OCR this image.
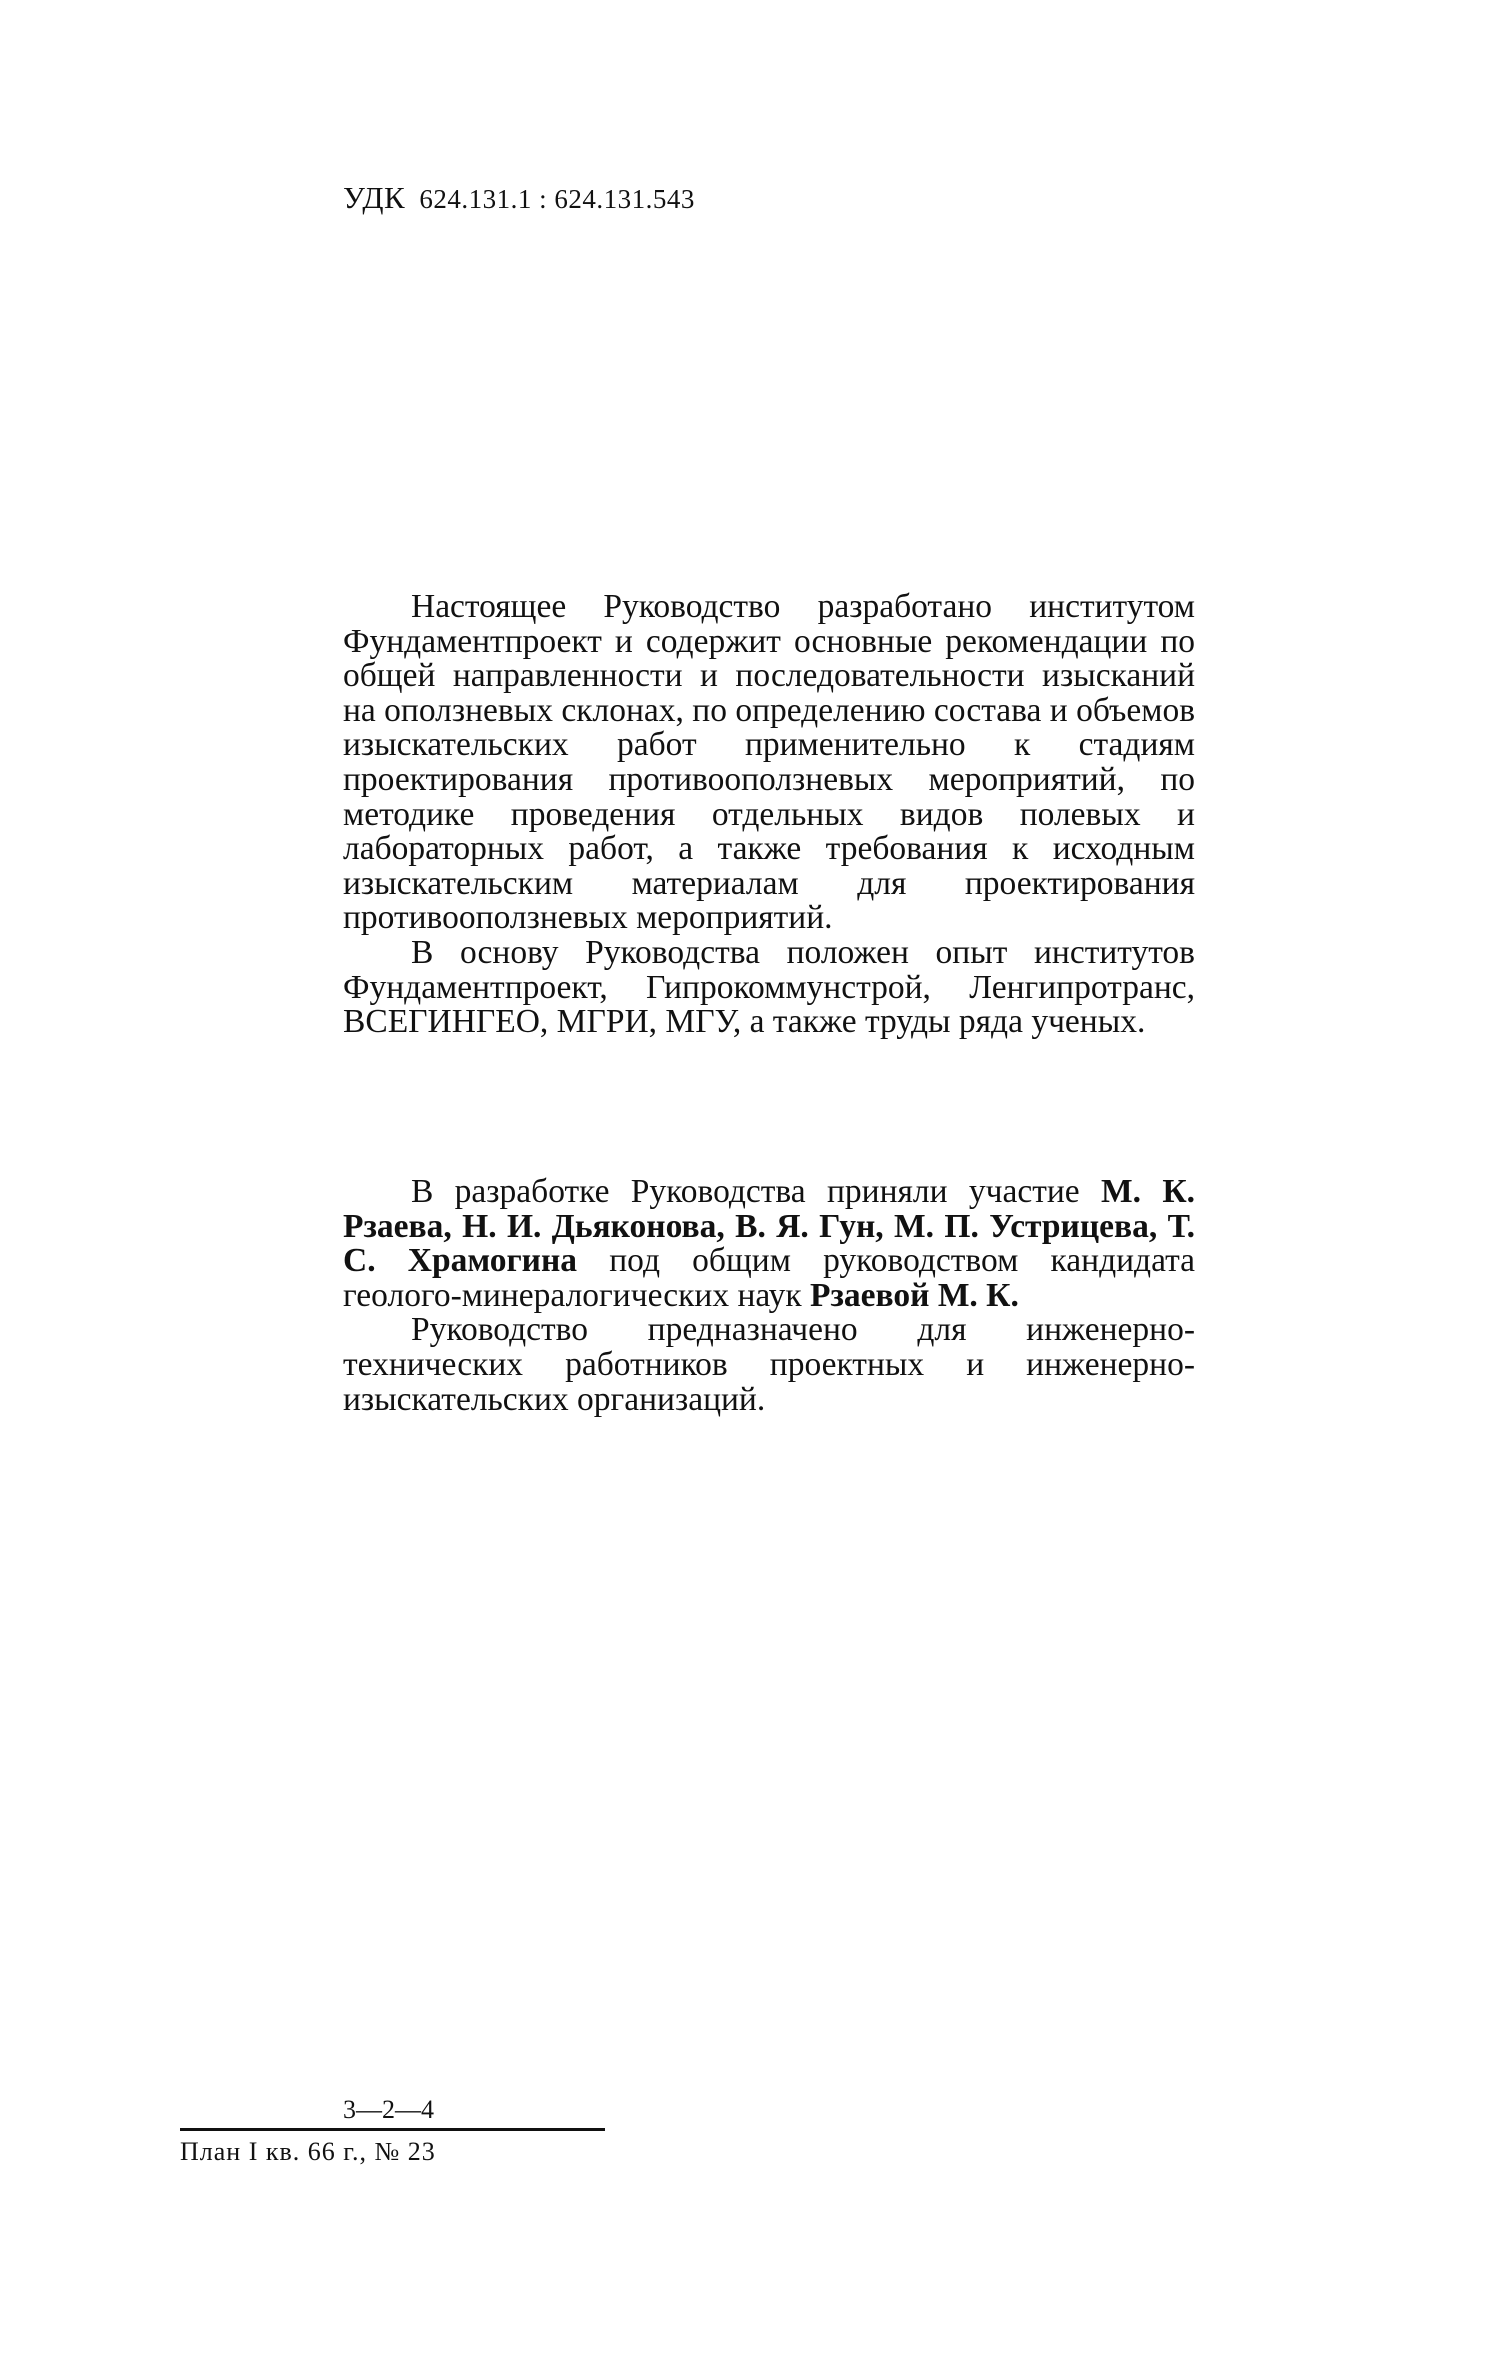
УДК 624.131.1 : 624.131.543

Настоящее Руководство разработано институтом Фундаментпроект и содержит основные рекомендации по общей направленности и последовательности изысканий на оползневых склонах, по определению состава и объемов изыскательских работ применительно к стадиям проектирования противооползневых мероприятий, по методике проведения отдельных видов полевых и лабораторных работ, а также требования к исходным изыскательским материалам для проектирования противооползневых мероприятий.

В основу Руководства положен опыт институтов Фундаментпроект, Гипрокоммунстрой, Ленгипротранс, ВСЕГИНГЕО, МГРИ, МГУ, а также труды ряда ученых.

В разработке Руководства приняли участие М. К. Рзаева, Н. И. Дьяконова, В. Я. Гун, М. П. Устрицева, Т. С. Храмогина под общим руководством кандидата геолого-минералогических наук Рзаевой М. К.

Руководство предназначено для инженерно-технических работников проектных и инженерно-изыскательских организаций.

3—2—4
План I кв. 66 г., № 23
